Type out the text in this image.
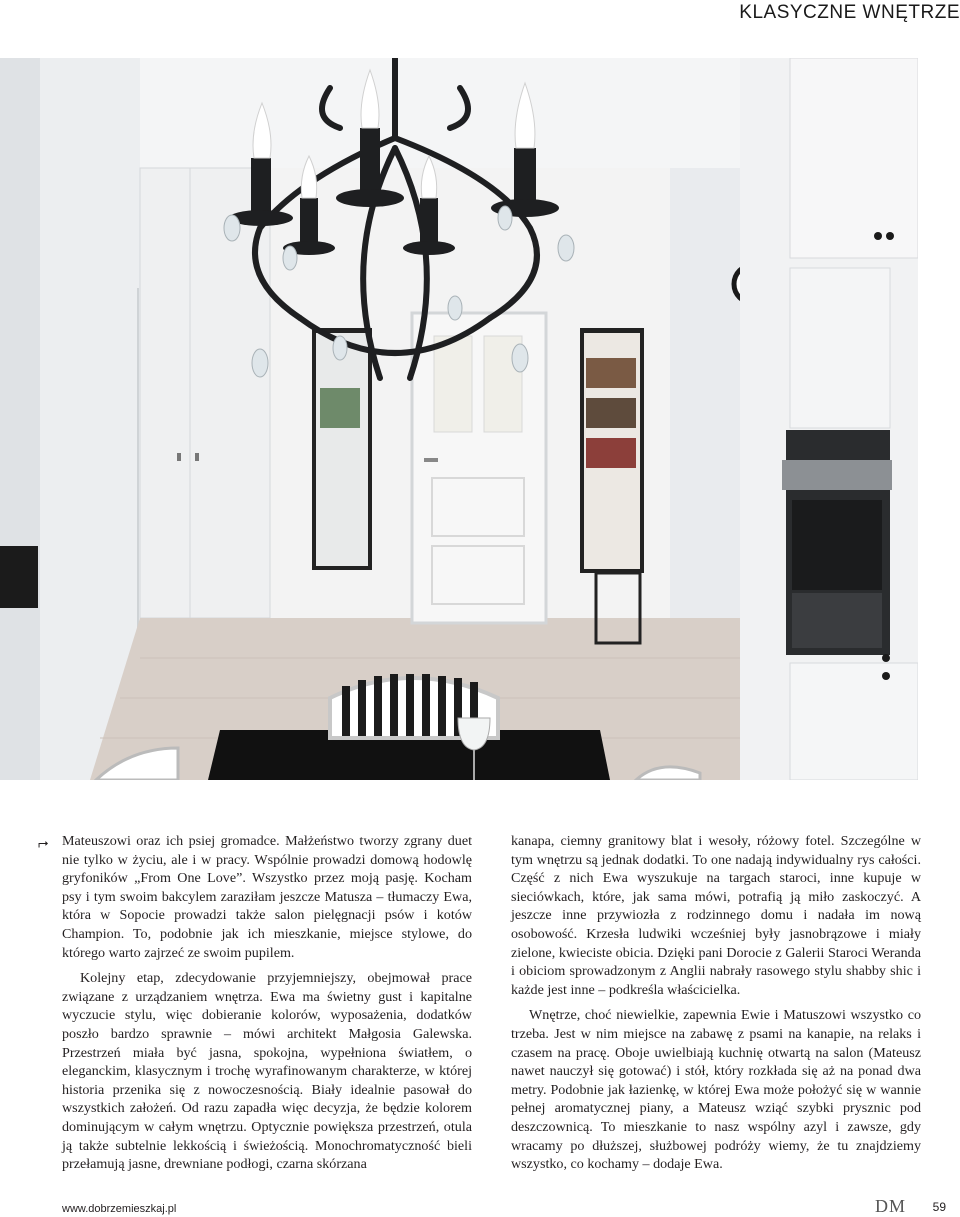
KLASYCZNE WNĘTRZE
⮣ Mateuszowi oraz ich psiej gromadce. Małżeństwo tworzy zgrany duet nie tylko w życiu, ale i w pracy. Wspólnie prowadzi domową hodowlę gryfoników „From One Love”. Wszystko przez moją pasję. Kocham psy i tym swoim bakcylem zaraziłam jeszcze Matusza – tłumaczy Ewa, która w Sopocie prowadzi także salon pielęgnacji psów i kotów Champion. To, podobnie jak ich mieszkanie, miejsce stylowe, do którego warto zajrzeć ze swoim pupilem.

Kolejny etap, zdecydowanie przyjemniejszy, obejmował prace związane z urządzaniem wnętrza. Ewa ma świetny gust i kapitalne wyczucie stylu, więc dobieranie kolorów, wyposażenia, dodatków poszło bardzo sprawnie – mówi architekt Małgosia Galewska. Przestrzeń miała być jasna, spokojna, wypełniona światłem, o eleganckim, klasycznym i trochę wyrafinowanym charakterze, w której historia przenika się z nowoczesnością. Biały idealnie pasował do wszystkich założeń. Od razu zapadła więc decyzja, że będzie kolorem dominującym w całym wnętrzu. Optycznie powiększa przestrzeń, otula ją także subtelnie lekkością i świeżością. Monochromatyczność bieli przełamują jasne, drewniane podłogi, czarna skórzana

kanapa, ciemny granitowy blat i wesoły, różowy fotel. Szczególne w tym wnętrzu są jednak dodatki. To one nadają indywidualny rys całości. Część z nich Ewa wyszukuje na targach staroci, inne kupuje w sieciówkach, które, jak sama mówi, potrafią ją miło zaskoczyć. A jeszcze inne przywiozła z rodzinnego domu i nadała im nową osobowość. Krzesła ludwiki wcześniej były jasnobrązowe i miały zielone, kwieciste obicia. Dzięki pani Dorocie z Galerii Staroci Weranda i obiciom sprowadzonym z Anglii nabrały rasowego stylu shabby shic i każde jest inne – podkreśla właścicielka.

Wnętrze, choć niewielkie, zapewnia Ewie i Matuszowi wszystko co trzeba. Jest w nim miejsce na zabawę z psami na kanapie, na relaks i czasem na pracę. Oboje uwielbiają kuchnię otwartą na salon (Mateusz nawet nauczył się gotować) i stół, który rozkłada się aż na ponad dwa metry. Podobnie jak łazienkę, w której Ewa może położyć się w wannie pełnej aromatycznej piany, a Mateusz wziąć szybki prysznic pod deszczownicą. To mieszkanie to nasz wspólny azyl i zawsze, gdy wracamy po dłuższej, służbowej podróży wiemy, że tu znajdziemy wszystko, co kochamy – dodaje Ewa.

www.dobrzemieszkaj.pl	DM 59
